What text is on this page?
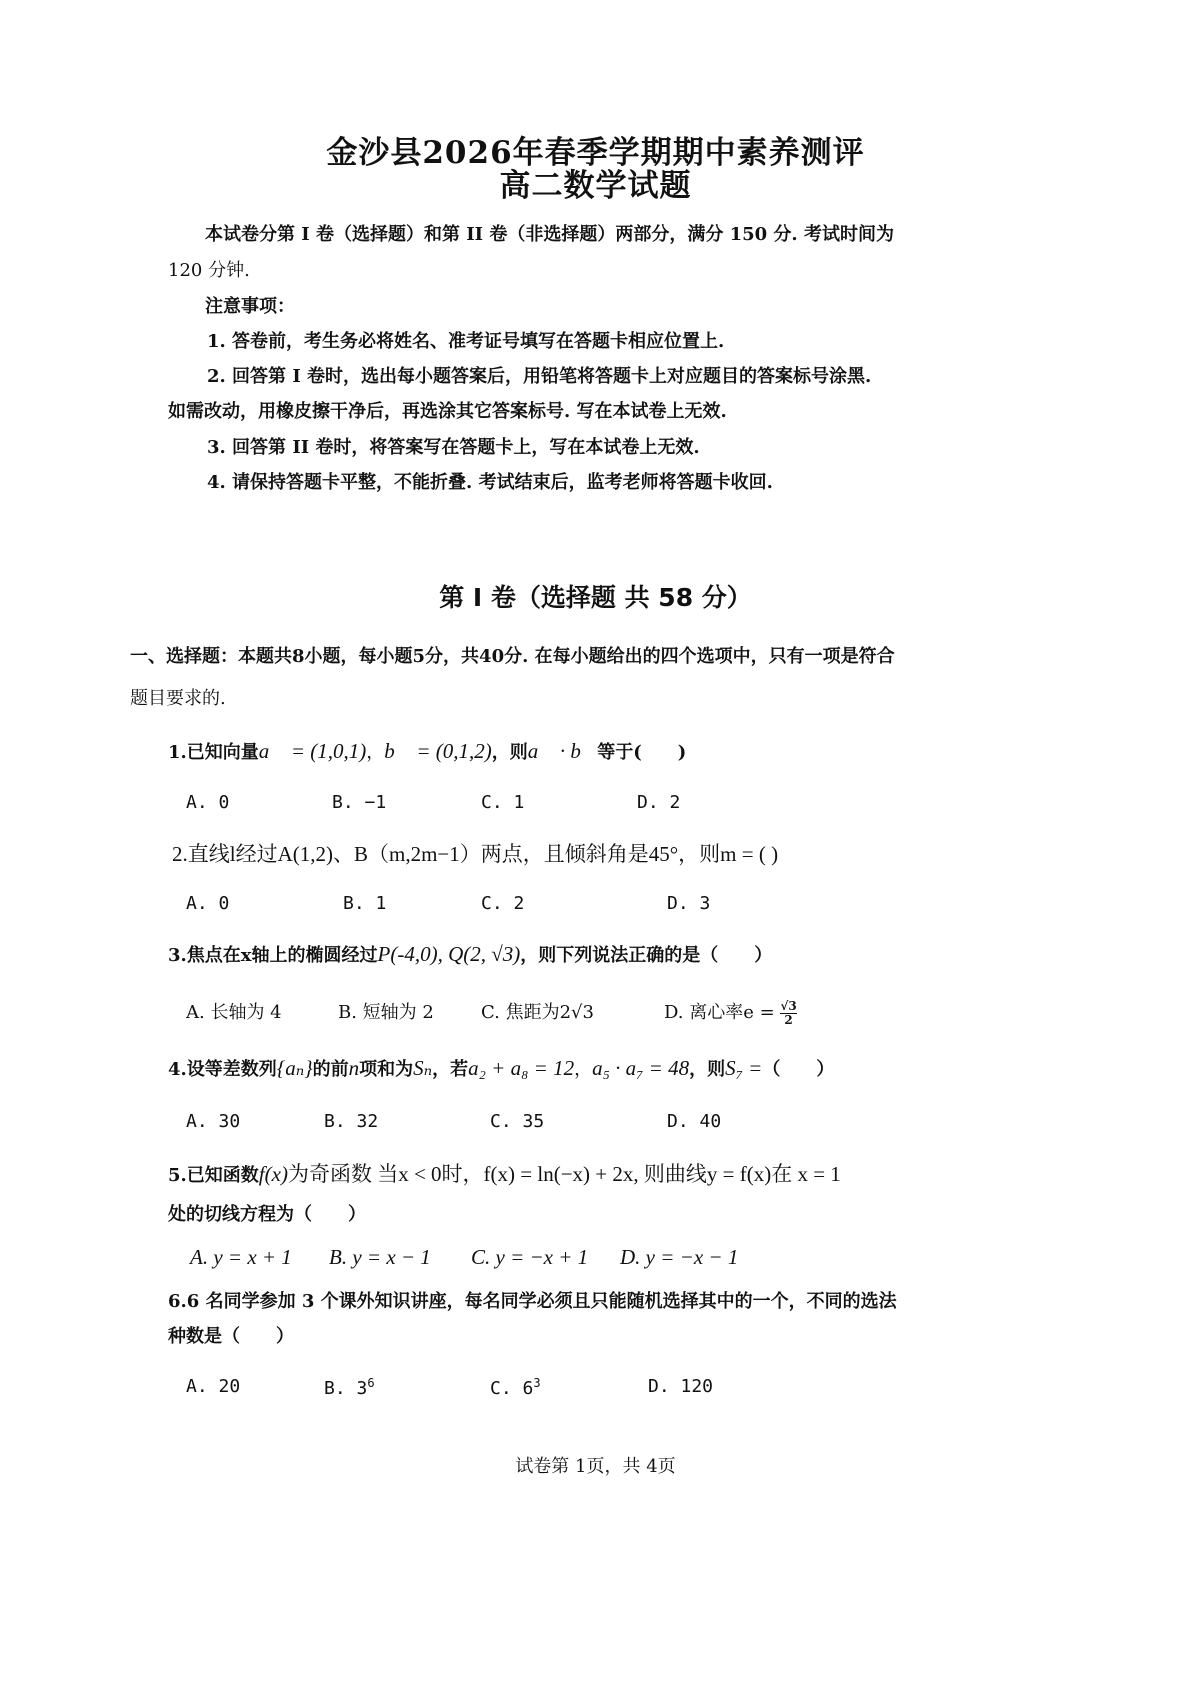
金沙县2026年春季学期期中素养测评
高二数学试题
本试卷分第 I 卷（选择题）和第 II 卷（非选择题）两部分，满分 150 分. 考试时间为
120 分钟.
注意事项：
1. 答卷前，考生务必将姓名、准考证号填写在答题卡相应位置上.
2. 回答第 I 卷时，选出每小题答案后，用铅笔将答题卡上对应题目的答案标号涂黑.
如需改动，用橡皮擦干净后，再选涂其它答案标号. 写在本试卷上无效.
3. 回答第 II 卷时，将答案写在答题卡上，写在本试卷上无效.
4. 请保持答题卡平整，不能折叠. 考试结束后，监考老师将答题卡收回.
第 I 卷（选择题 共 58 分）
一、选择题：本题共8小题，每小题5分，共40分. 在每小题给出的四个选项中，只有一项是符合
题目要求的.
1.已知向量a⃗ = (1,0,1)，b⃗ = (0,1,2)，则a⃗ · b⃗等于(　　)
A. 0	B. −1	C. 1	D. 2
2.直线l经过A(1,2)、B（m,2m−1）两点，且倾斜角是45°，则m = ( )
A. 0	B. 1	C. 2	D. 3
3.焦点在x轴上的椭圆经过P(-4,0), Q(2, √3)，则下列说法正确的是（　　）
A. 长轴为 4	B. 短轴为 2	C. 焦距为2√3	D. 离心率$e = \frac{√3}{2}$
4.设等差数列{aₙ}的前n项和为Sₙ，若a₂ + a₈ = 12，a₅ · a₇ = 48，则S₇ =（　　）
A. 30	B. 32	C. 35	D. 40
5.已知函数f(x)为奇函数 当x < 0时，f(x) = ln(−x) + 2x, 则曲线y = f(x)在 x = 1
处的切线方程为（　　）
A. y = x + 1 B. y = x − 1 C. y = −x + 1 D. y = −x − 1
6.6 名同学参加 3 个课外知识讲座，每名同学必须且只能随机选择其中的一个，不同的选法
种数是（　　）
A. 20	B. $3^6$	C. $6^3$	D. 120
试卷第 1页，共 4页
